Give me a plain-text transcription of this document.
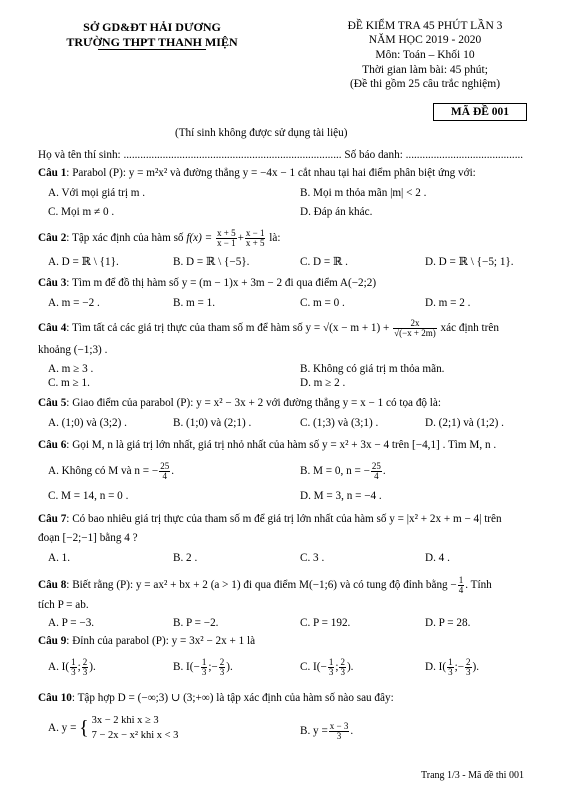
SỞ GD&ĐT HẢI DƯƠNG
TRƯỜNG THPT THANH MIỆN
ĐỀ KIỂM TRA 45 PHÚT LẦN 3
NĂM HỌC 2019 - 2020
Môn: Toán – Khối 10
Thời gian làm bài: 45 phút;
(Đề thi gồm 25 câu trắc nghiệm)
MÃ ĐỀ 001
(Thí sinh không được sử dụng tài liệu)
Họ và tên thí sinh: .............................................................................. Số báo danh: ..........................................
Câu 1: Parabol (P): y = m²x² và đường thẳng y = −4x − 1 cắt nhau tại hai điểm phân biệt ứng với:
A. Với mọi giá trị m .	B. Mọi m thỏa mãn |m| < 2 .
C. Mọi m ≠ 0 .	D. Đáp án khác.
Câu 2: Tập xác định của hàm số $f(x) = \frac{x + 5}{x - 1} + \frac{x - 1}{x + 5}$ là:
A. D = ℝ \ {1}.	B. D = ℝ \ {−5}.	C. D = ℝ .	D. D = ℝ \ {−5; 1}.
Câu 3: Tìm m để đồ thị hàm số y = (m − 1)x + 3m − 2 đi qua điểm A(−2;2)
A. m = −2 .	B. m = 1.	C. m = 0 .	D. m = 2 .
Câu 4: Tìm tất cả các giá trị thực của tham số m để hàm số $y = √(x - m + 1) + \frac{2x}{√(-x + 2m)}$ xác định trên
khoảng (−1;3) .
A. m ≥ 3 .	B. Không có giá trị m thỏa mãn.
C. m ≥ 1.	D. m ≥ 2 .
Câu 5: Giao điểm của parabol (P): y = x² − 3x + 2 với đường thẳng y = x − 1 có tọa độ là:
A. (1;0) và (3;2) .	B. (1;0) và (2;1) .	C. (1;3) và (3;1) .	D. (2;1) và (1;2) .
Câu 6: Gọi M, n là giá trị lớn nhất, giá trị nhỏ nhất của hàm số y = x² + 3x − 4 trên [−4,1] . Tìm M, n .
A. Không có M và n = − $\frac{25}{4}$ .	B. M = 0, n = − $\frac{25}{4}$ .
C. M = 14, n = 0 .	D. M = 3, n = −4 .
Câu 7: Có bao nhiêu giá trị thực của tham số m để giá trị lớn nhất của hàm số y = |x² + 2x + m − 4| trên
đoạn [−2;−1] bằng 4 ?
A. 1.	B. 2 .	C. 3 .	D. 4 .
Câu 8: Biết rằng (P): y = ax² + bx + 2 (a > 1) đi qua điểm M(−1;6) và có tung độ đỉnh bằng − $\frac{1}{4}$ . Tính
tích P = ab.
A. P = −3.	B. P = −2.	C. P = 192.	D. P = 28.
Câu 9: Đỉnh của parabol (P): y = 3x² − 2x + 1 là
A. $I( \frac{1}{3}$ ; $\frac{2}{3}$ ).	B. $I(- \frac{1}{3}$ ;− $\frac{2}{3}$ ).	C. $I(- \frac{1}{3}$ ; $\frac{2}{3}$ ).	D. $I( \frac{1}{3}$ ;− $\frac{2}{3}$ ).
Câu 10: Tập hợp D = (−∞;3) ∪ (3;+∞) là tập xác định của hàm số nào sau đây:
A. y = { 3x − 2 khi x ≥ 3
7 − 2x − x² khi x < 3	B. $y = \frac{x - 3}{3}$ .
Trang 1/3 - Mã đề thi 001
